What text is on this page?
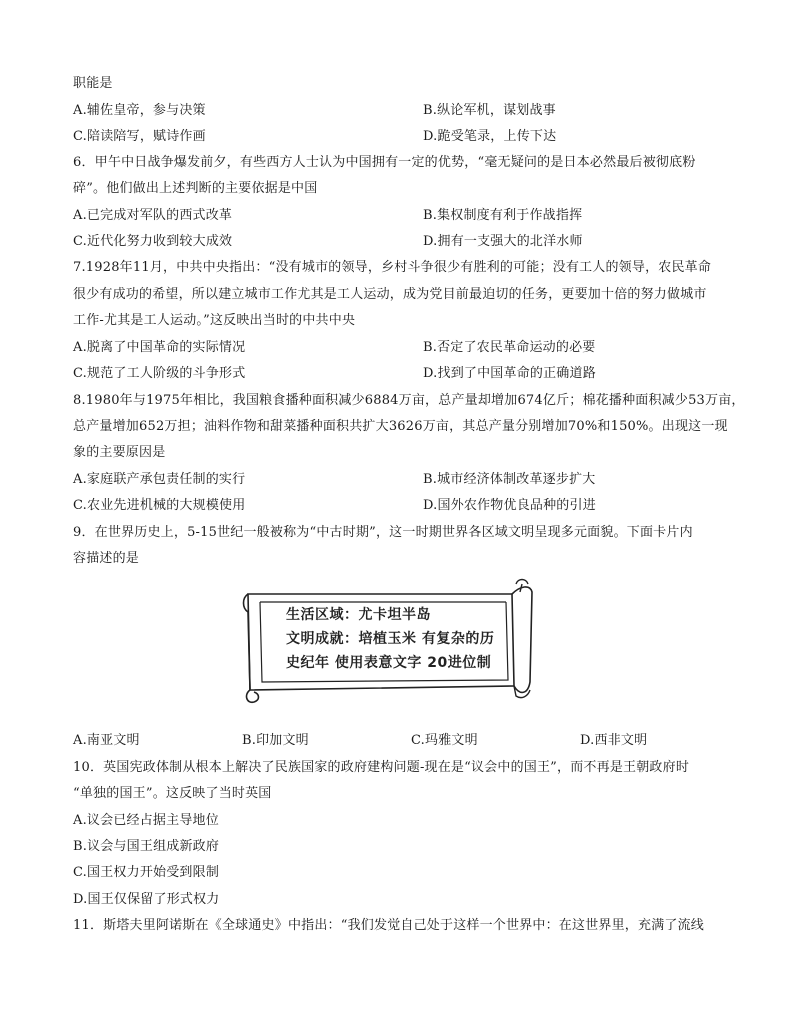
职能是
A.辅佐皇帝，参与决策	B.纵论军机，谋划战事
C.陪读陪写，赋诗作画	D.跪受笔录，上传下达
6．甲午中日战争爆发前夕，有些西方人士认为中国拥有一定的优势，“毫无疑问的是日本必然最后被彻底粉
碎”。他们做出上述判断的主要依据是中国
A.已完成对军队的西式改革	B.集权制度有利于作战指挥
C.近代化努力收到较大成效	D.拥有一支强大的北洋水师
7.1928年11月，中共中央指出：“没有城市的领导，乡村斗争很少有胜利的可能；没有工人的领导，农民革命
很少有成功的希望，所以建立城市工作尤其是工人运动，成为党目前最迫切的任务，更要加十倍的努力做城市
工作-尤其是工人运动。”这反映出当时的中共中央
A.脱离了中国革命的实际情况	B.否定了农民革命运动的必要
C.规范了工人阶级的斗争形式	D.找到了中国革命的正确道路
8.1980年与1975年相比，我国粮食播种面积减少6884万亩，总产量却增加674亿斤；棉花播种面积减少53万亩，
总产量增加652万担；油料作物和甜菜播种面积共扩大3626万亩，其总产量分别增加70%和150%。出现这一现
象的主要原因是
A.家庭联产承包责任制的实行	B.城市经济体制改革逐步扩大
C.农业先进机械的大规模使用	D.国外农作物优良品种的引进
9．在世界历史上，5-15世纪一般被称为“中古时期”，这一时期世界各区域文明呈现多元面貌。下面卡片内
容描述的是
生活区域：尤卡坦半岛
文明成就：培植玉米 有复杂的历
史纪年 使用表意文字 20进位制
A.南亚文明	B.印加文明	C.玛雅文明	D.西非文明
10．英国宪政体制从根本上解决了民族国家的政府建构问题-现在是“议会中的国王”，而不再是王朝政府时
“单独的国王”。这反映了当时英国
A.议会已经占据主导地位
B.议会与国王组成新政府
C.国王权力开始受到限制
D.国王仅保留了形式权力
11．斯塔夫里阿诺斯在《全球通史》中指出：“我们发觉自己处于这样一个世界中：在这世界里，充满了流线
